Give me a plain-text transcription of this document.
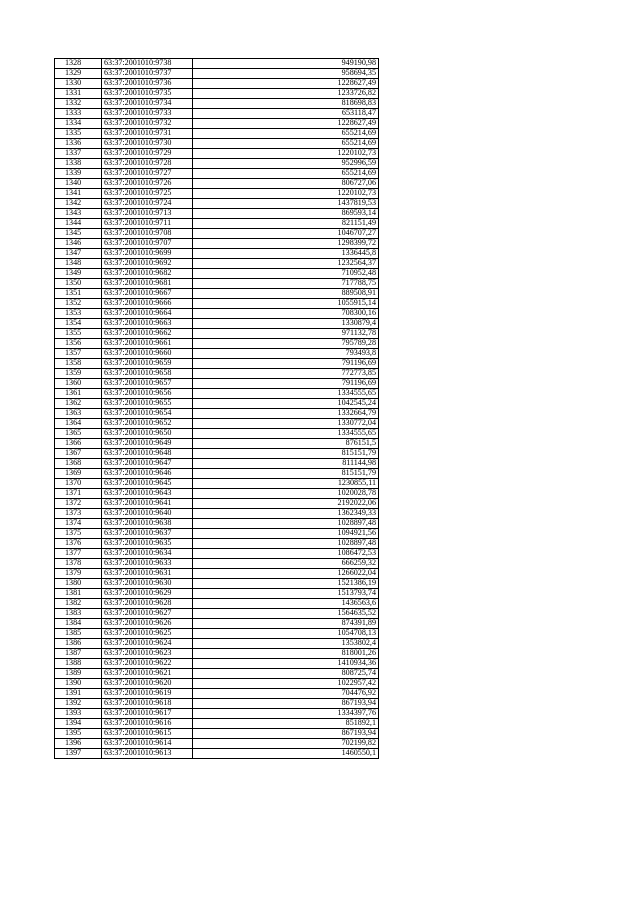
1328	63:37:2001010:9738	949190,98
1329	63:37:2001010:9737	958694,35
1330	63:37:2001010:9736	1228627,49
1331	63:37:2001010:9735	1233726,82
1332	63:37:2001010:9734	818698,83
1333	63:37:2001010:9733	653118,47
1334	63:37:2001010:9732	1228627,49
1335	63:37:2001010:9731	655214,69
1336	63:37:2001010:9730	655214,69
1337	63:37:2001010:9729	1220102,73
1338	63:37:2001010:9728	952996,59
1339	63:37:2001010:9727	655214,69
1340	63:37:2001010:9726	806727,06
1341	63:37:2001010:9725	1220102,73
1342	63:37:2001010:9724	1437819,53
1343	63:37:2001010:9713	869593,14
1344	63:37:2001010:9711	821151,49
1345	63:37:2001010:9708	1046707,27
1346	63:37:2001010:9707	1298399,72
1347	63:37:2001010:9699	1336445,8
1348	63:37:2001010:9692	1232564,37
1349	63:37:2001010:9682	710952,48
1350	63:37:2001010:9681	717788,75
1351	63:37:2001010:9667	889508,91
1352	63:37:2001010:9666	1055915,14
1353	63:37:2001010:9664	708300,16
1354	63:37:2001010:9663	1330879,4
1355	63:37:2001010:9662	971132,78
1356	63:37:2001010:9661	795789,28
1357	63:37:2001010:9660	793493,8
1358	63:37:2001010:9659	791196,69
1359	63:37:2001010:9658	772773,85
1360	63:37:2001010:9657	791196,69
1361	63:37:2001010:9656	1334555,65
1362	63:37:2001010:9655	1042545,24
1363	63:37:2001010:9654	1332664,79
1364	63:37:2001010:9652	1330772,04
1365	63:37:2001010:9650	1334555,65
1366	63:37:2001010:9649	876151,5
1367	63:37:2001010:9648	815151,79
1368	63:37:2001010:9647	811144,98
1369	63:37:2001010:9646	815151,79
1370	63:37:2001010:9645	1230855,11
1371	63:37:2001010:9643	1020028,78
1372	63:37:2001010:9641	2192022,06
1373	63:37:2001010:9640	1362349,33
1374	63:37:2001010:9638	1028897,48
1375	63:37:2001010:9637	1094921,56
1376	63:37:2001010:9635	1028897,48
1377	63:37:2001010:9634	1086472,53
1378	63:37:2001010:9633	666259,32
1379	63:37:2001010:9631	1266022,04
1380	63:37:2001010:9630	1521386,19
1381	63:37:2001010:9629	1513793,74
1382	63:37:2001010:9628	1436563,6
1383	63:37:2001010:9627	1564635,52
1384	63:37:2001010:9626	874391,89
1385	63:37:2001010:9625	1054708,13
1386	63:37:2001010:9624	1353802,4
1387	63:37:2001010:9623	818001,26
1388	63:37:2001010:9622	1410934,36
1389	63:37:2001010:9621	808725,74
1390	63:37:2001010:9620	1022957,42
1391	63:37:2001010:9619	704476,92
1392	63:37:2001010:9618	867193,94
1393	63:37:2001010:9617	1334397,76
1394	63:37:2001010:9616	851892,1
1395	63:37:2001010:9615	867193,94
1396	63:37:2001010:9614	702199,82
1397	63:37:2001010:9613	1460550,1
